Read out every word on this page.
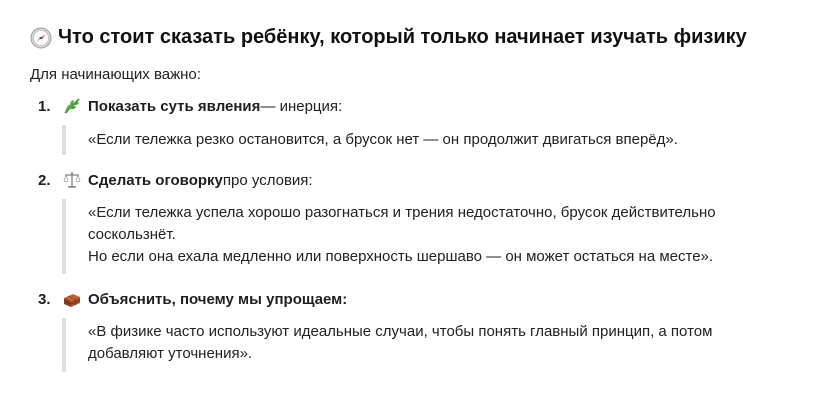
Что стоит сказать ребёнку, который только начинает изучать физику
Для начинающих важно:
1.	Показать суть явления — инерция:
«Если тележка резко остановится, а брусок нет — он продолжит двигаться вперёд».
2.	Сделать оговорку про условия:
«Если тележка успела хорошо разогнаться и трения недостаточно, брусок действительно
соскользнёт.
Но если она ехала медленно или поверхность шершаво — он может остаться на месте».
3.	Объяснить, почему мы упрощаем:
«В физике часто используют идеальные случаи, чтобы понять главный принцип, а потом
добавляют уточнения».
